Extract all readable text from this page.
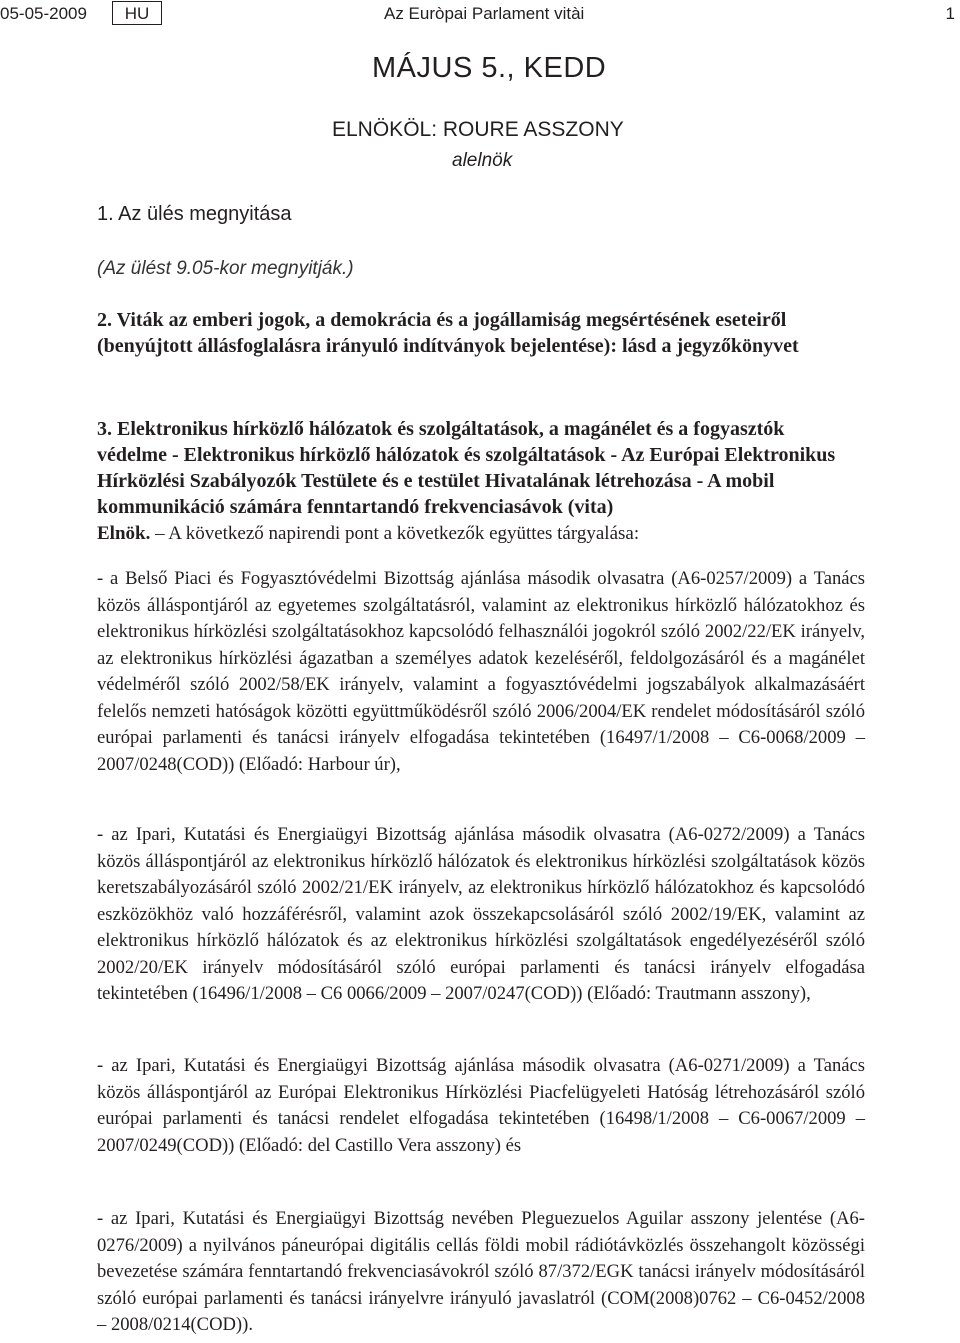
05-05-2009	HU	Az Euròpai Parlament vitài	1
MÁJUS 5., KEDD
ELNÖKÖL: ROURE ASSZONY
alelnök
1. Az ülés megnyitása
(Az ülést 9.05-kor megnyitják.)
2. Viták az emberi jogok, a demokrácia és a jogállamiság megsértésének eseteiről (benyújtott állásfoglalásra irányuló indítványok bejelentése): lásd a jegyzőkönyvet
3. Elektronikus hírközlő hálózatok és szolgáltatások, a magánélet és a fogyasztók védelme - Elektronikus hírközlő hálózatok és szolgáltatások - Az Európai Elektronikus Hírközlési Szabályozók Testülete és e testület Hivatalának létrehozása - A mobil kommunikáció számára fenntartandó frekvenciasávok (vita)
Elnök. – A következő napirendi pont a következők együttes tárgyalása:
- a Belső Piaci és Fogyasztóvédelmi Bizottság ajánlása második olvasatra (A6-0257/2009) a Tanács közös álláspontjáról az egyetemes szolgáltatásról, valamint az elektronikus hírközlő hálózatokhoz és elektronikus hírközlési szolgáltatásokhoz kapcsolódó felhasználói jogokról szóló 2002/22/EK irányelv, az elektronikus hírközlési ágazatban a személyes adatok kezeléséről, feldolgozásáról és a magánélet védelméről szóló 2002/58/EK irányelv, valamint a fogyasztóvédelmi jogszabályok alkalmazásáért felelős nemzeti hatóságok közötti együttműködésről szóló 2006/2004/EK rendelet módosításáról szóló európai parlamenti és tanácsi irányelv elfogadása tekintetében (16497/1/2008 – C6-0068/2009 – 2007/0248(COD)) (Előadó: Harbour úr),
- az Ipari, Kutatási és Energiaügyi Bizottság ajánlása második olvasatra (A6-0272/2009) a Tanács közös álláspontjáról az elektronikus hírközlő hálózatok és elektronikus hírközlési szolgáltatások közös keretszabályozásáról szóló 2002/21/EK irányelv, az elektronikus hírközlő hálózatokhoz és kapcsolódó eszközökhöz való hozzáférésről, valamint azok összekapcsolásáról szóló 2002/19/EK, valamint az elektronikus hírközlő hálózatok és az elektronikus hírközlési szolgáltatások engedélyezéséről szóló 2002/20/EK irányelv módosításáról szóló európai parlamenti és tanácsi irányelv elfogadása tekintetében (16496/1/2008 – C6 0066/2009 – 2007/0247(COD)) (Előadó: Trautmann asszony),
- az Ipari, Kutatási és Energiaügyi Bizottság ajánlása második olvasatra (A6-0271/2009) a Tanács közös álláspontjáról az Európai Elektronikus Hírközlési Piacfelügyeleti Hatóság létrehozásáról szóló európai parlamenti és tanácsi rendelet elfogadása tekintetében (16498/1/2008 – C6-0067/2009 – 2007/0249(COD)) (Előadó: del Castillo Vera asszony) és
- az Ipari, Kutatási és Energiaügyi Bizottság nevében Pleguezuelos Aguilar asszony jelentése (A6-0276/2009) a nyilvános páneurópai digitális cellás földi mobil rádiótávközlés összehangolt közösségi bevezetése számára fenntartandó frekvenciasávokról szóló 87/372/EGK tanácsi irányelv módosításáról szóló európai parlamenti és tanácsi irányelvre irányuló javaslatról (COM(2008)0762 – C6-0452/2008 – 2008/0214(COD)).
